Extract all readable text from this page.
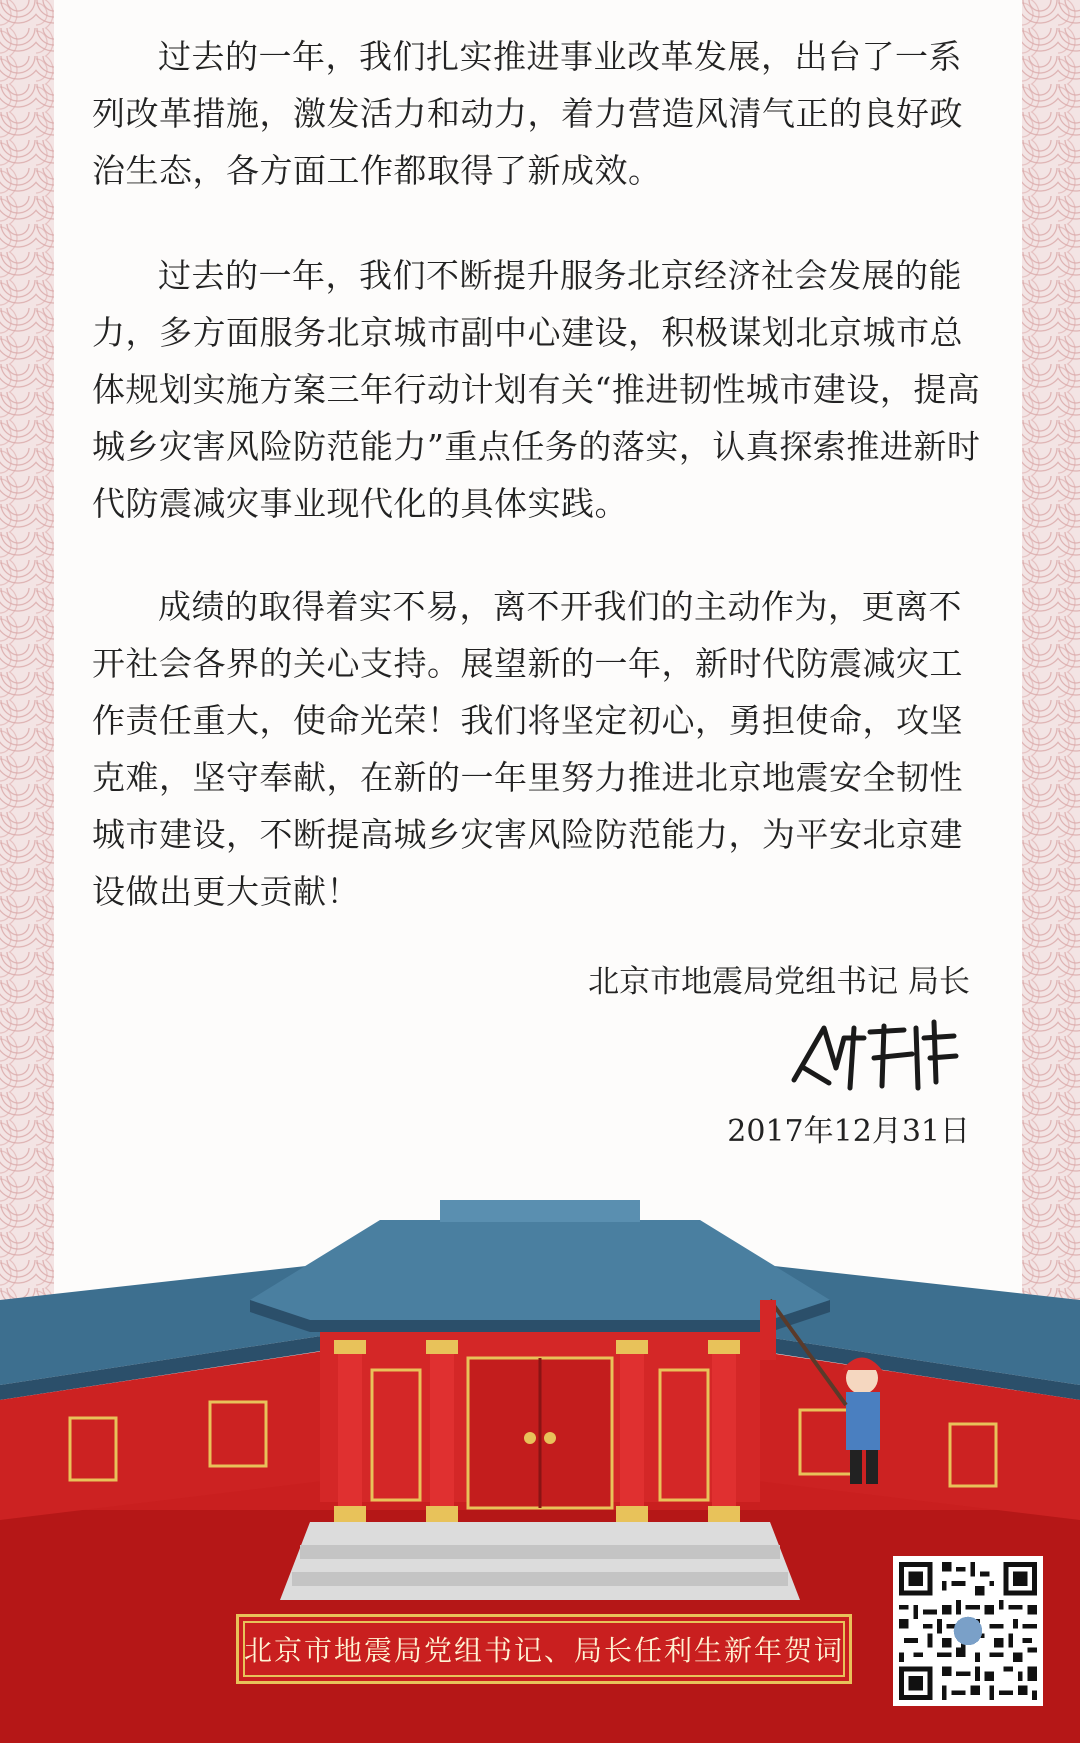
过去的一年，我们扎实推进事业改革发展，出台了一系列改革措施，激发活力和动力，着力营造风清气正的良好政治生态，各方面工作都取得了新成效。

过去的一年，我们不断提升服务北京经济社会发展的能力，多方面服务北京城市副中心建设，积极谋划北京城市总体规划实施方案三年行动计划有关“推进韧性城市建设，提高城乡灾害风险防范能力”重点任务的落实，认真探索推进新时代防震减灾事业现代化的具体实践。

成绩的取得着实不易，离不开我们的主动作为，更离不开社会各界的关心支持。展望新的一年，新时代防震减灾工作责任重大，使命光荣！我们将坚定初心，勇担使命，攻坚克难，坚守奉献，在新的一年里努力推进北京地震安全韧性城市建设，不断提高城乡灾害风险防范能力，为平安北京建设做出更大贡献！

北京市地震局党组书记 局长
2017年12月31日
北京市地震局党组书记、局长任利生新年贺词
